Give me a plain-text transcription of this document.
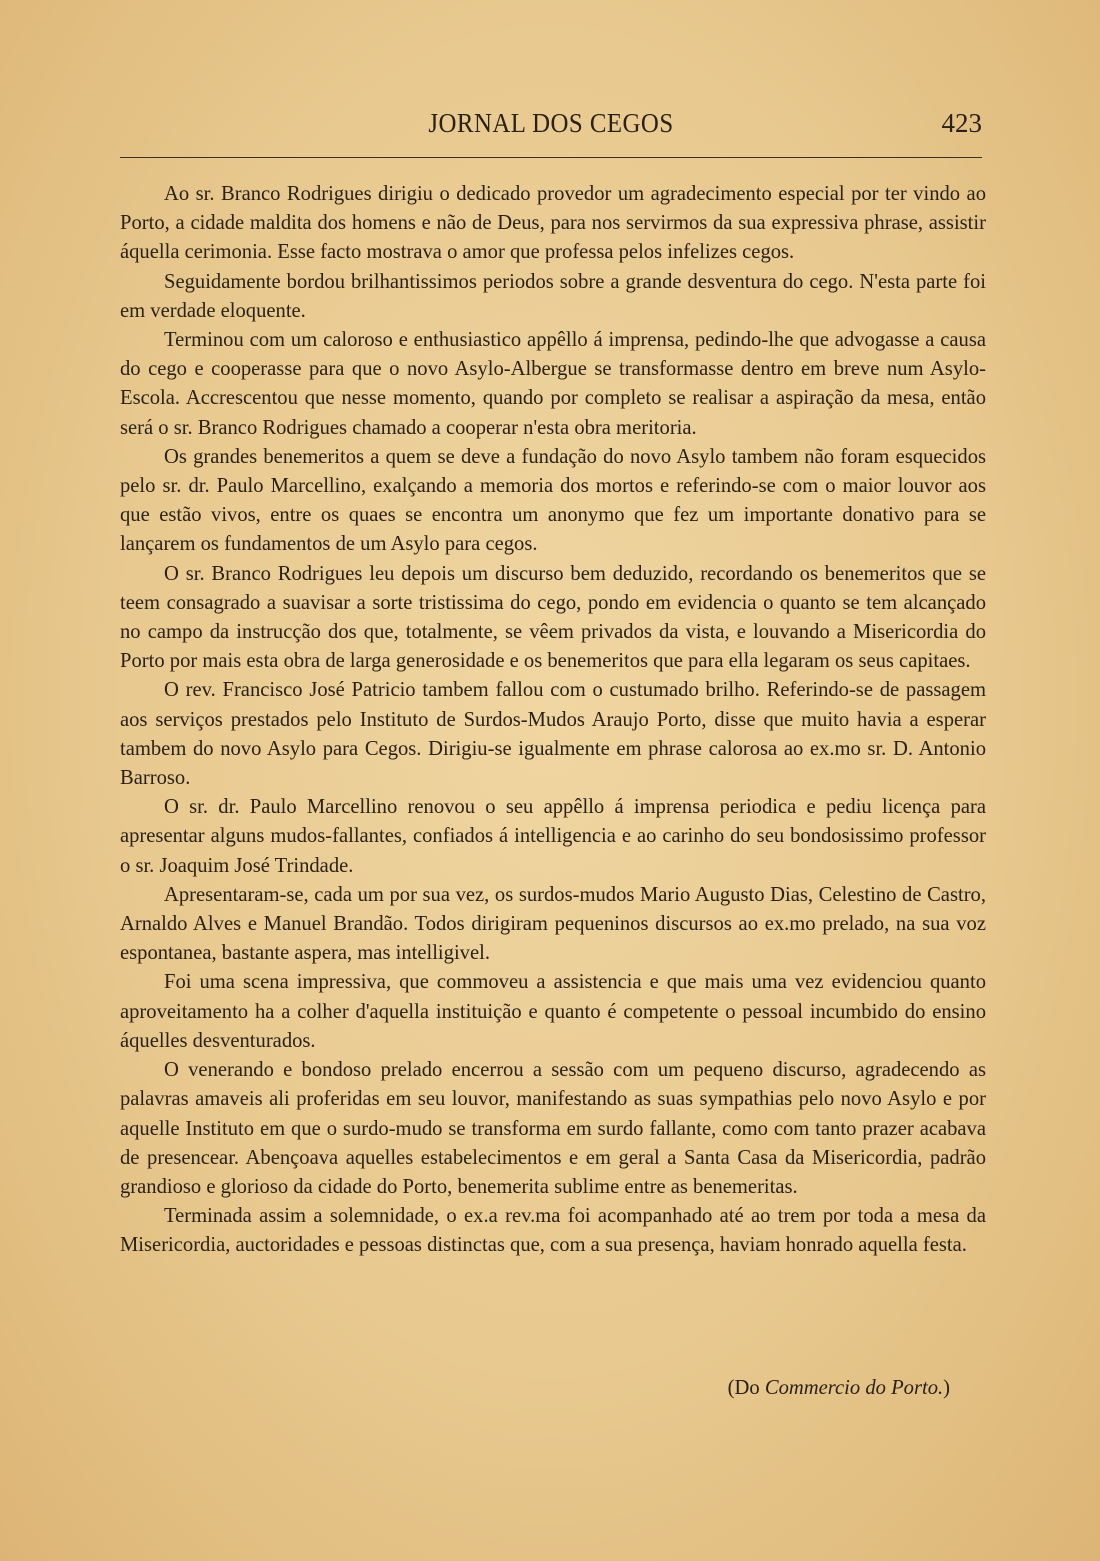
JORNAL DOS CEGOS	423

Ao sr. Branco Rodrigues dirigiu o dedicado provedor um agradecimento especial por ter vindo ao Porto, a cidade maldita dos homens e não de Deus, para nos servirmos da sua expressiva phrase, assistir áquella cerimonia. Esse facto mostrava o amor que professa pelos infelizes cegos.

Seguidamente bordou brilhantissimos periodos sobre a grande desventura do cego. N'esta parte foi em verdade eloquente.

Terminou com um caloroso e enthusiastico appêllo á imprensa, pedindo-lhe que advogasse a causa do cego e cooperasse para que o novo Asylo-Albergue se transformasse dentro em breve num Asylo-Escola. Accrescentou que nesse momento, quando por completo se realisar a aspiração da mesa, então será o sr. Branco Rodrigues chamado a cooperar n'esta obra meritoria.

Os grandes benemeritos a quem se deve a fundação do novo Asylo tambem não foram esquecidos pelo sr. dr. Paulo Marcellino, exalçando a memoria dos mortos e referindo-se com o maior louvor aos que estão vivos, entre os quaes se encontra um anonymo que fez um importante donativo para se lançarem os fundamentos de um Asylo para cegos.

O sr. Branco Rodrigues leu depois um discurso bem deduzido, recordando os benemeritos que se teem consagrado a suavisar a sorte tristissima do cego, pondo em evidencia o quanto se tem alcançado no campo da instrucção dos que, totalmente, se vêem privados da vista, e louvando a Misericordia do Porto por mais esta obra de larga generosidade e os benemeritos que para ella legaram os seus capitaes.

O rev. Francisco José Patricio tambem fallou com o custumado brilho. Referindo-se de passagem aos serviços prestados pelo Instituto de Surdos-Mudos Araujo Porto, disse que muito havia a esperar tambem do novo Asylo para Cegos. Dirigiu-se igualmente em phrase calorosa ao ex.mo sr. D. Antonio Barroso.

O sr. dr. Paulo Marcellino renovou o seu appêllo á imprensa periodica e pediu licença para apresentar alguns mudos-fallantes, confiados á intelligencia e ao carinho do seu bondosissimo professor o sr. Joaquim José Trindade.

Apresentaram-se, cada um por sua vez, os surdos-mudos Mario Augusto Dias, Celestino de Castro, Arnaldo Alves e Manuel Brandão. Todos dirigiram pequeninos discursos ao ex.mo prelado, na sua voz espontanea, bastante aspera, mas intelligivel.

Foi uma scena impressiva, que commoveu a assistencia e que mais uma vez evidenciou quanto aproveitamento ha a colher d'aquella instituição e quanto é competente o pessoal incumbido do ensino áquelles desventurados.

O venerando e bondoso prelado encerrou a sessão com um pequeno discurso, agradecendo as palavras amaveis ali proferidas em seu louvor, manifestando as suas sympathias pelo novo Asylo e por aquelle Instituto em que o surdo-mudo se transforma em surdo fallante, como com tanto prazer acabava de presencear. Abençoava aquelles estabelecimentos e em geral a Santa Casa da Misericordia, padrão grandioso e glorioso da cidade do Porto, benemerita sublime entre as benemeritas.

Terminada assim a solemnidade, o ex.a rev.ma foi acompanhado até ao trem por toda a mesa da Misericordia, auctoridades e pessoas distinctas que, com a sua presença, haviam honrado aquella festa.

(Do Commercio do Porto.)
